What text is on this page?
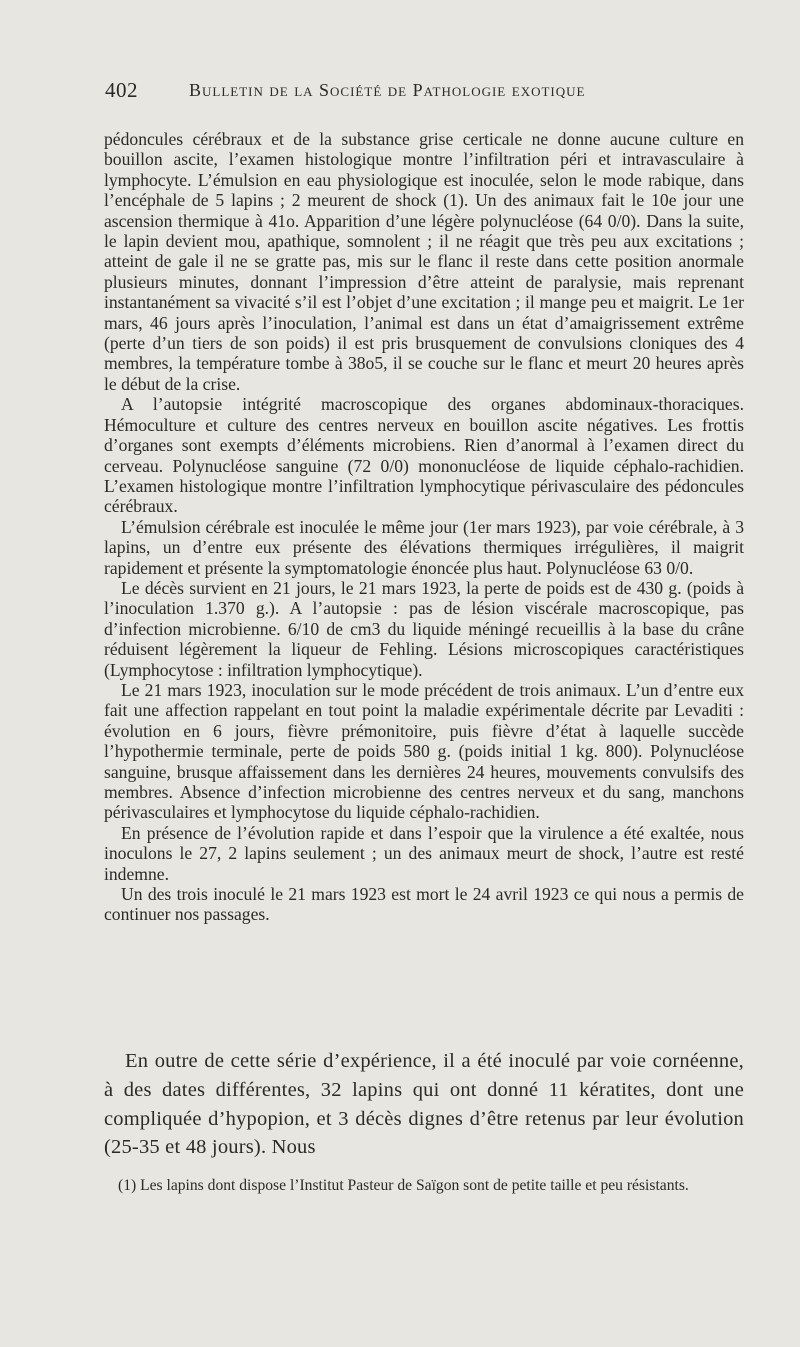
402	Bulletin de la Société de Pathologie exotique

pédoncules cérébraux et de la substance grise certicale ne donne aucune culture en bouillon ascite, l’examen histologique montre l’infiltration péri et intravasculaire à lymphocyte. L’émulsion en eau physiologique est inoculée, selon le mode rabique, dans l’encéphale de 5 lapins ; 2 meurent de shock (1). Un des animaux fait le 10e jour une ascension thermique à 41o. Apparition d’une légère polynucléose (64 0/0). Dans la suite, le lapin devient mou, apathique, somnolent ; il ne réagit que très peu aux excitations ; atteint de gale il ne se gratte pas, mis sur le flanc il reste dans cette position anormale plusieurs minutes, donnant l’impression d’être atteint de paralysie, mais reprenant instantanément sa vivacité s’il est l’objet d’une excitation ; il mange peu et maigrit. Le 1er mars, 46 jours après l’inoculation, l’animal est dans un état d’amaigrissement extrême (perte d’un tiers de son poids) il est pris brusquement de convulsions cloniques des 4 membres, la température tombe à 38o5, il se couche sur le flanc et meurt 20 heures après le début de la crise.

A l’autopsie intégrité macroscopique des organes abdominaux-thoraciques. Hémoculture et culture des centres nerveux en bouillon ascite négatives. Les frottis d’organes sont exempts d’éléments microbiens. Rien d’anormal à l’examen direct du cerveau. Polynucléose sanguine (72 0/0) mononucléose de liquide céphalo-rachidien. L’examen histologique montre l’infiltration lymphocytique périvasculaire des pédoncules cérébraux.

L’émulsion cérébrale est inoculée le même jour (1er mars 1923), par voie cérébrale, à 3 lapins, un d’entre eux présente des élévations thermiques irrégulières, il maigrit rapidement et présente la symptomatologie énoncée plus haut. Polynucléose 63 0/0.

Le décès survient en 21 jours, le 21 mars 1923, la perte de poids est de 430 g. (poids à l’inoculation 1.370 g.). A l’autopsie : pas de lésion viscérale macroscopique, pas d’infection microbienne. 6/10 de cm3 du liquide méningé recueillis à la base du crâne réduisent légèrement la liqueur de Fehling. Lésions microscopiques caractéristiques (Lymphocytose : infiltration lymphocytique).

Le 21 mars 1923, inoculation sur le mode précédent de trois animaux. L’un d’entre eux fait une affection rappelant en tout point la maladie expérimentale décrite par Levaditi : évolution en 6 jours, fièvre prémonitoire, puis fièvre d’état à laquelle succède l’hypothermie terminale, perte de poids 580 g. (poids initial 1 kg. 800). Polynucléose sanguine, brusque affaissement dans les dernières 24 heures, mouvements convulsifs des membres. Absence d’infection microbienne des centres nerveux et du sang, manchons périvasculaires et lymphocytose du liquide céphalo-rachidien.

En présence de l’évolution rapide et dans l’espoir que la virulence a été exaltée, nous inoculons le 27, 2 lapins seulement ; un des animaux meurt de shock, l’autre est resté indemne.

Un des trois inoculé le 21 mars 1923 est mort le 24 avril 1923 ce qui nous a permis de continuer nos passages.

En outre de cette série d’expérience, il a été inoculé par voie cornéenne, à des dates différentes, 32 lapins qui ont donné 11 kératites, dont une compliquée d’hypopion, et 3 décès dignes d’être retenus par leur évolution (25-35 et 48 jours). Nous

(1) Les lapins dont dispose l’Institut Pasteur de Saïgon sont de petite taille et peu résistants.
